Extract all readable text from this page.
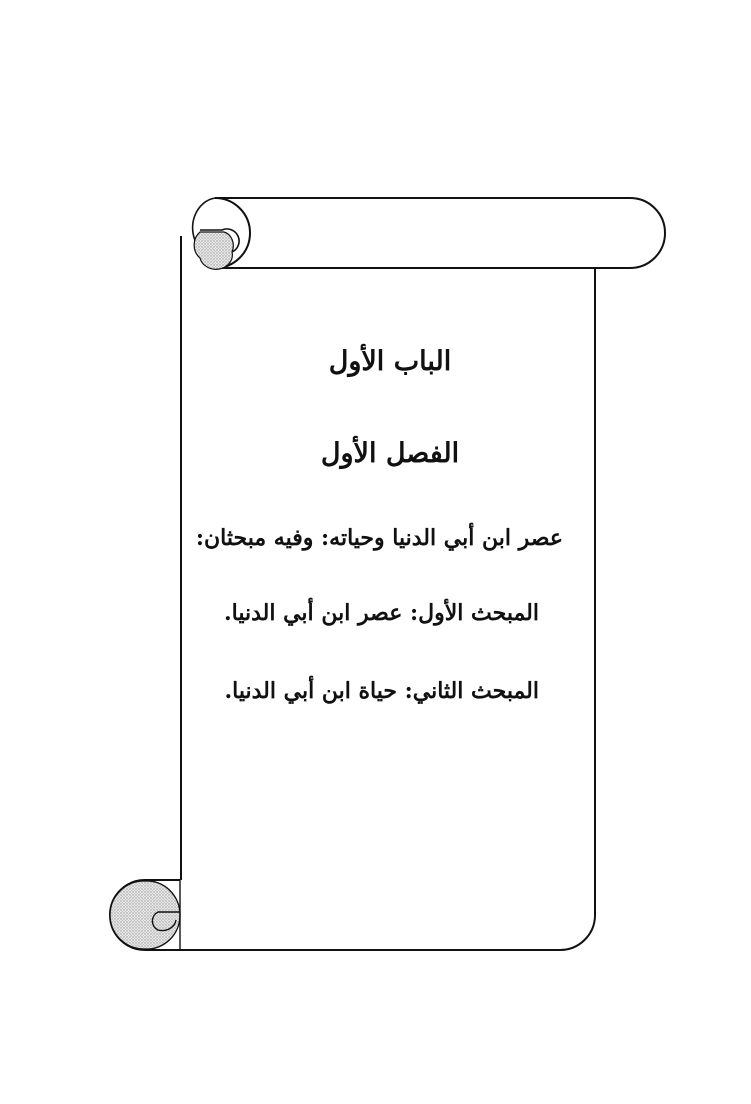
الباب الأول
الفصل الأول
عصر ابن أبي الدنيا وحياته: وفيه مبحثان:
المبحث الأول: عصر ابن أبي الدنيا.
المبحث الثاني: حياة ابن أبي الدنيا.
